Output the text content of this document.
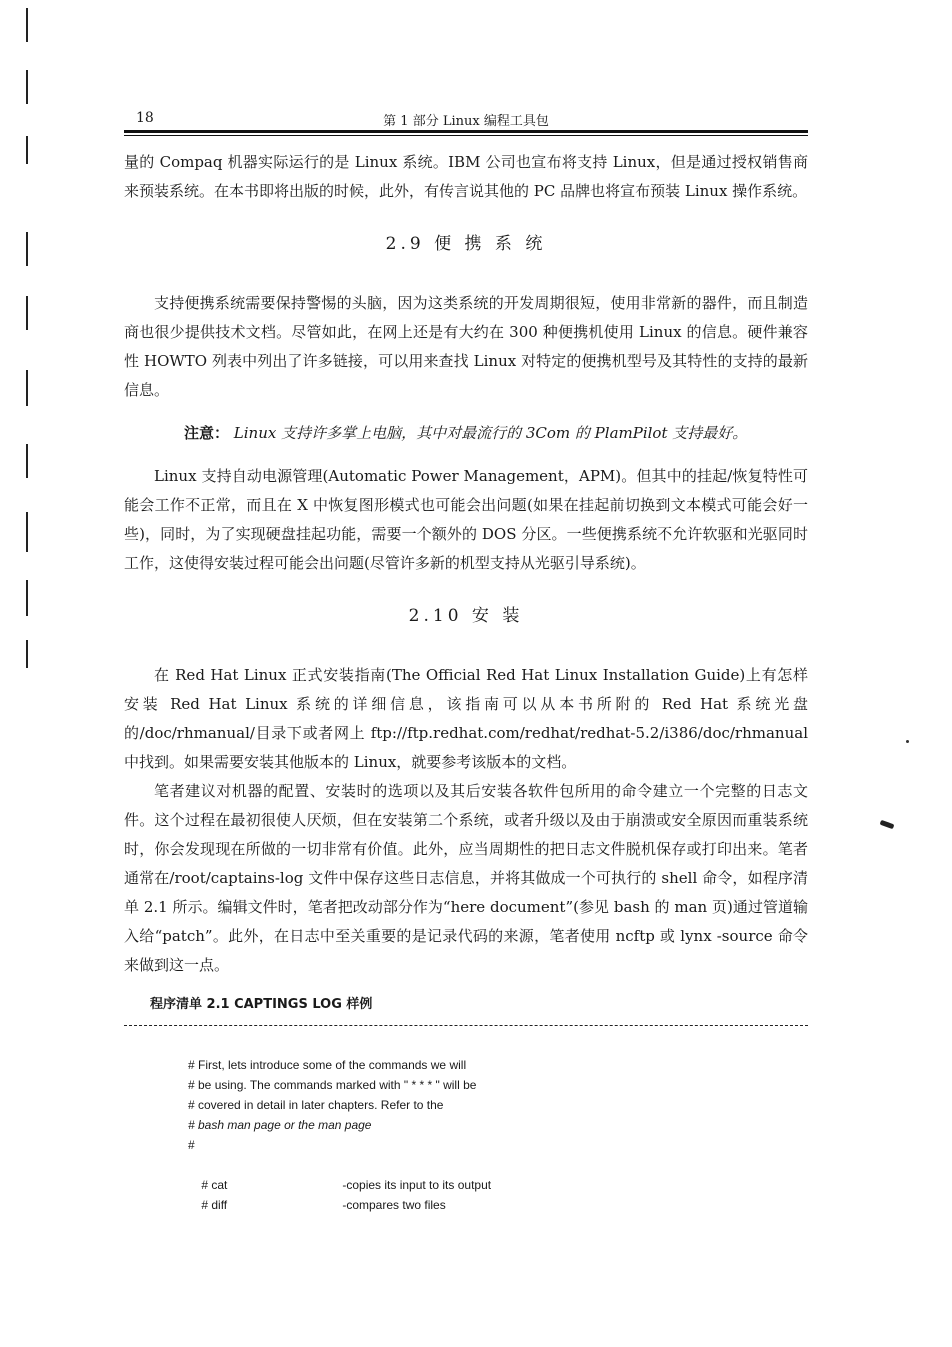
18	第 1 部分 Linux 编程工具包

量的 Compaq 机器实际运行的是 Linux 系统。IBM 公司也宣布将支持 Linux，但是通过授权销售商来预装系统。在本书即将出版的时候，此外，有传言说其他的 PC 品牌也将宣布预装 Linux 操作系统。

2.9 便 携 系 统

支持便携系统需要保持警惕的头脑，因为这类系统的开发周期很短，使用非常新的器件，而且制造商也很少提供技术文档。尽管如此，在网上还是有大约在 300 种便携机使用 Linux 的信息。硬件兼容性 HOWTO 列表中列出了许多链接，可以用来查找 Linux 对特定的便携机型号及其特性的支持的最新信息。

注意： Linux 支持许多掌上电脑，其中对最流行的 3Com 的 PlamPilot 支持最好。

Linux 支持自动电源管理(Automatic Power Management，APM)。但其中的挂起/恢复特性可能会工作不正常，而且在 X 中恢复图形模式也可能会出问题(如果在挂起前切换到文本模式可能会好一些)，同时，为了实现硬盘挂起功能，需要一个额外的 DOS 分区。一些便携系统不允许软驱和光驱同时工作，这使得安装过程可能会出问题(尽管许多新的机型支持从光驱引导系统)。

2.10 安 装

在 Red Hat Linux 正式安装指南(The Official Red Hat Linux Installation Guide)上有怎样安装 Red Hat Linux 系统的详细信息，该指南可以从本书所附的 Red Hat 系统光盘的/doc/rhmanual/目录下或者网上 ftp://ftp.redhat.com/redhat/redhat-5.2/i386/doc/rhmanual 中找到。如果需要安装其他版本的 Linux，就要参考该版本的文档。

笔者建议对机器的配置、安装时的选项以及其后安装各软件包所用的命令建立一个完整的日志文件。这个过程在最初很使人厌烦，但在安装第二个系统，或者升级以及由于崩溃或安全原因而重装系统时，你会发现现在所做的一切非常有价值。此外，应当周期性的把日志文件脱机保存或打印出来。笔者通常在/root/captains-log 文件中保存这些日志信息，并将其做成一个可执行的 shell 命令，如程序清单 2.1 所示。编辑文件时，笔者把改动部分作为“here document”(参见 bash 的 man 页)通过管道输入给“patch”。此外，在日志中至关重要的是记录代码的来源，笔者使用 ncftp 或 lynx -source 命令来做到这一点。

程序清单 2.1 CAPTINGS LOG 样例
# First, lets introduce some of the commands we will
# be using. The commands marked with " * * * " will be
# covered in detail in later chapters. Refer to the
# bash man page or the man page
#

# cat	-copies its input to its output

# diff	-compares two files
